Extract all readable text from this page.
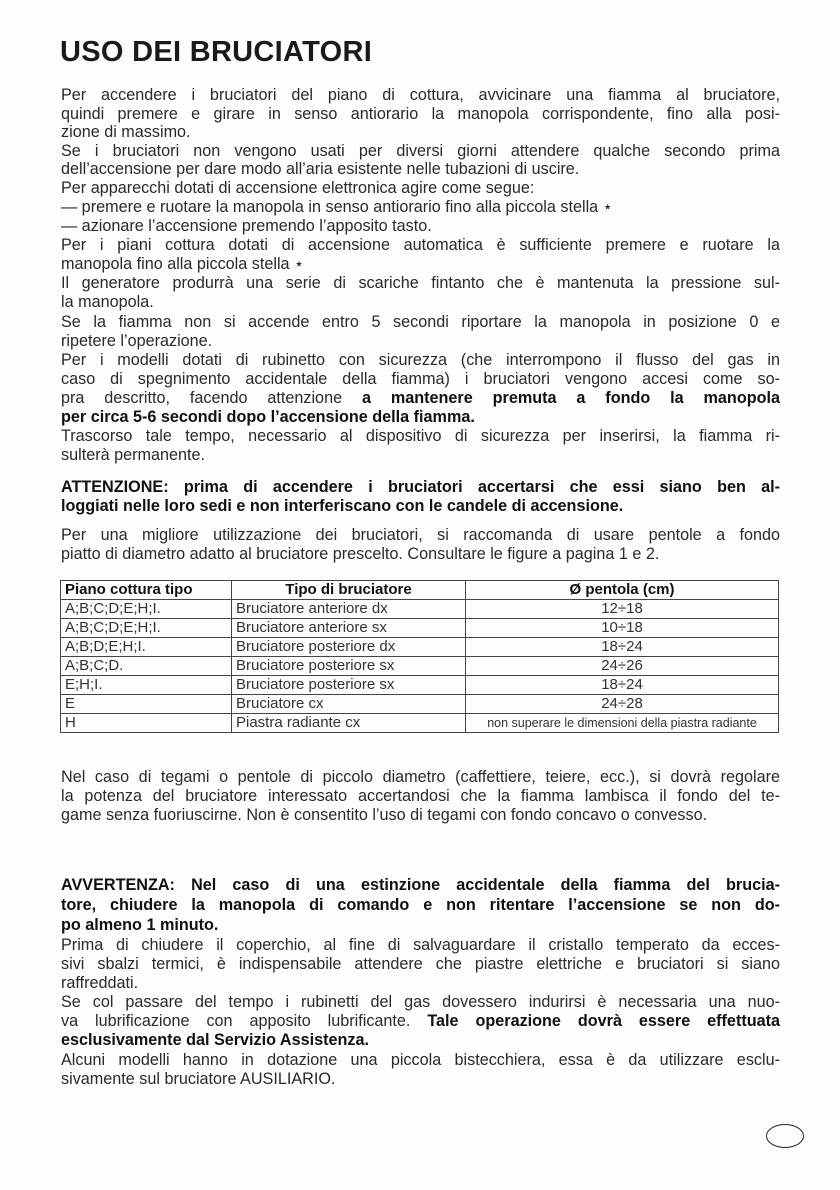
USO DEI BRUCIATORI
Per accendere i bruciatori del piano di cottura, avvicinare una fiamma al bruciatore,
quindi premere e girare in senso antiorario la manopola corrispondente, fino alla posi-
zione di massimo.
Se i bruciatori non vengono usati per diversi giorni attendere qualche secondo prima
dell’accensione per dare modo all’aria esistente nelle tubazioni di uscire.
Per apparecchi dotati di accensione elettronica agire come segue:
— premere e ruotare la manopola in senso antiorario fino alla piccola stella ⋆
— azionare l’accensione premendo l’apposito tasto.
Per i piani cottura dotati di accensione automatica è sufficiente premere e ruotare la
manopola fino alla piccola stella ⋆
Il generatore produrrà una serie di scariche fintanto che è mantenuta la pressione sul-
la manopola.
Se la fiamma non si accende entro 5 secondi riportare la manopola in posizione 0 e
ripetere l’operazione.
Per i modelli dotati di rubinetto con sicurezza (che interrompono il flusso del gas in
caso di spegnimento accidentale della fiamma) i bruciatori vengono accesi come so-
pra descritto, facendo attenzione a mantenere premuta a fondo la manopola
per circa 5-6 secondi dopo l’accensione della fiamma.
Trascorso tale tempo, necessario al dispositivo di sicurezza per inserirsi, la fiamma ri-
sulterà permanente.
ATTENZIONE: prima di accendere i bruciatori accertarsi che essi siano ben al-
loggiati nelle loro sedi e non interferiscano con le candele di accensione.
Per una migliore utilizzazione dei bruciatori, si raccomanda di usare pentole a fondo
piatto di diametro adatto al bruciatore prescelto. Consultare le figure a pagina 1 e 2.
Piano cottura tipo	Tipo di bruciatore	Ø pentola (cm)
A;B;C;D;E;H;I.	Bruciatore anteriore dx	12÷18
A;B;C;D;E;H;I.	Bruciatore anteriore sx	10÷18
A;B;D;E;H;I.	Bruciatore posteriore dx	18÷24
A;B;C;D.	Bruciatore posteriore sx	24÷26
E;H;I.	Bruciatore posteriore sx	18÷24
E	Bruciatore cx	24÷28
H	Piastra radiante cx	non superare le dimensioni della piastra radiante
Nel caso di tegami o pentole di piccolo diametro (caffettiere, teiere, ecc.), si dovrà regolare
la potenza del bruciatore interessato accertandosi che la fiamma lambisca il fondo del te-
game senza fuoriuscirne. Non è consentito l’uso di tegami con fondo concavo o convesso.
AVVERTENZA: Nel caso di una estinzione accidentale della fiamma del brucia-
tore, chiudere la manopola di comando e non ritentare l’accensione se non do-
po almeno 1 minuto.
Prima di chiudere il coperchio, al fine di salvaguardare il cristallo temperato da ecces-
sivi sbalzi termici, è indispensabile attendere che piastre elettriche e bruciatori si siano
raffreddati.
Se col passare del tempo i rubinetti del gas dovessero indurirsi è necessaria una nuo-
va lubrificazione con apposito lubrificante. Tale operazione dovrà essere effettuata
esclusivamente dal Servizio Assistenza.
Alcuni modelli hanno in dotazione una piccola bistecchiera, essa è da utilizzare esclu-
sivamente sul bruciatore AUSILIARIO.
